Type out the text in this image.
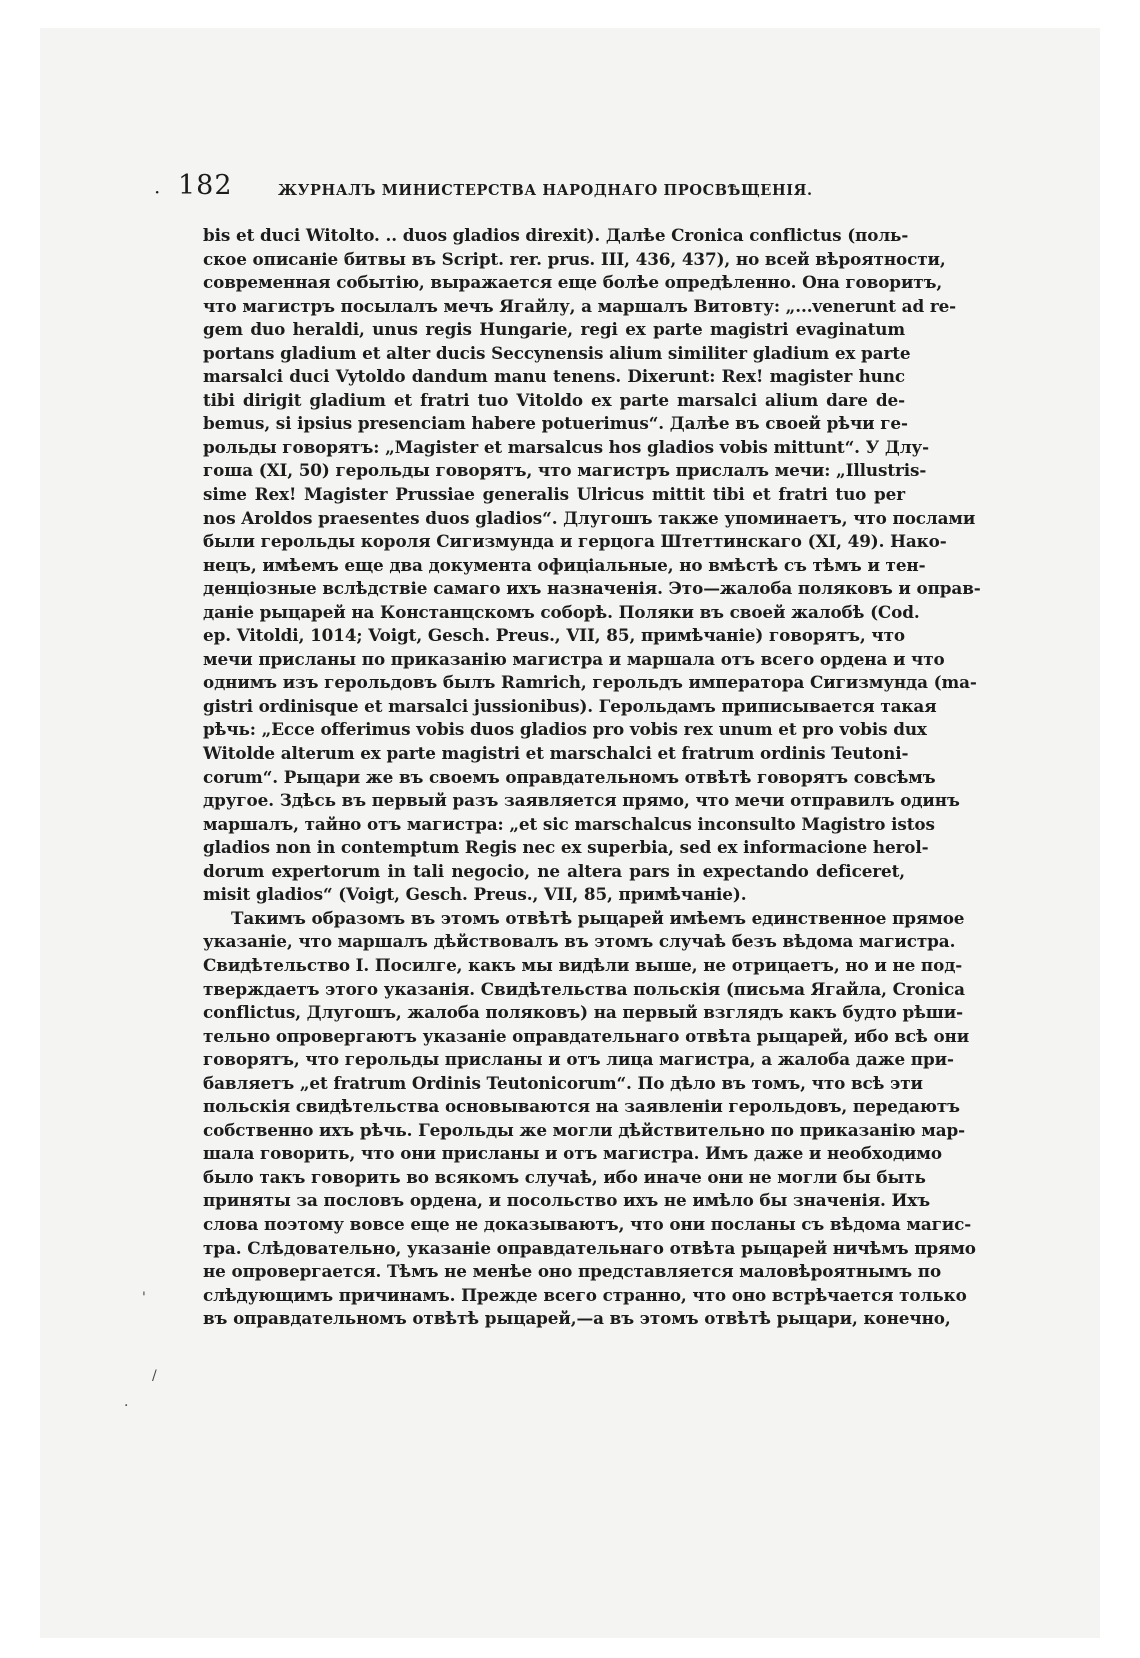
· 182	ЖУРНАЛЪ МИНИСТЕРСТВА НАРОДНАГО ПРОСВѢЩЕНІЯ.
bis et duci Witolto. .. duos gladios direxit). Далѣе Cronica conflictus (поль-
ское описаніе битвы въ Script. rer. prus. III, 436, 437), но всей вѣроятности,
современная событію, выражается еще болѣе опредѣленно. Она говоритъ,
что магистръ посылалъ мечъ Ягайлу, а маршалъ Витовту: „...venerunt ad re-
gem duo heraldi, unus regis Hungarie, regi ex parte magistri evaginatum
portans gladium et alter ducis Seccynensis alium similiter gladium ex parte
marsalci duci Vytoldo dandum manu tenens. Dixerunt: Rex! magister hunc
tibi dirigit gladium et fratri tuo Vitoldo ex parte marsalci alium dare de-
bemus, si ipsius presenciam habere potuerimus“. Далѣе въ своей рѣчи ге-
рольды говорятъ: „Magister et marsalcus hos gladios vobis mittunt“. У Длу-
гоша (XI, 50) герольды говорятъ, что магистръ прислалъ мечи: „Illustris-
sime Rex! Magister Prussiae generalis Ulricus mittit tibi et fratri tuo per
nos Aroldos praesentes duos gladios“. Длугошъ также упоминаетъ, что послами
были герольды короля Сигизмунда и герцога Штеттинскаго (XI, 49). Нако-
нецъ, имѣемъ еще два документа офиціальные, но вмѣстѣ съ тѣмъ и тен-
денціозные вслѣдствіе самаго ихъ назначенія. Это—жалоба поляковъ и оправ-
даніе рыцарей на Констанцскомъ соборѣ. Поляки въ своей жалобѣ (Cod.
ep. Vitoldi, 1014; Voigt, Gesch. Preus., VII, 85, примѣчаніе) говорятъ, что
мечи присланы по приказанію магистра и маршала отъ всего ордена и что
однимъ изъ герольдовъ былъ Ramrich, герольдъ императора Сигизмунда (ma-
gistri ordinisque et marsalci jussionibus). Герольдамъ приписывается такая
рѣчь: „Ecce offerimus vobis duos gladios pro vobis rex unum et pro vobis dux
Witolde alterum ex parte magistri et marschalci et fratrum ordinis Teutoni-
corum“. Рыцари же въ своемъ оправдательномъ отвѣтѣ говорятъ совсѣмъ
другое. Здѣсь въ первый разъ заявляется прямо, что мечи отправилъ одинъ
маршалъ, тайно отъ магистра: „et sic marschalcus inconsulto Magistro istos
gladios non in contemptum Regis nec ex superbia, sed ex informacione herol-
dorum expertorum in tali negocio, ne altera pars in expectando deficeret,
misit gladios“ (Voigt, Gesch. Preus., VII, 85, примѣчаніе).
Такимъ образомъ въ этомъ отвѣтѣ рыцарей имѣемъ единственное прямое
указаніе, что маршалъ дѣйствовалъ въ этомъ случаѣ безъ вѣдома магистра.
Свидѣтельство I. Посилге, какъ мы видѣли выше, не отрицаетъ, но и не под-
тверждаетъ этого указанія. Свидѣтельства польскія (письма Ягайла, Cronica
conflictus, Длугошъ, жалоба поляковъ) на первый взглядъ какъ будто рѣши-
тельно опровергаютъ указаніе оправдательнаго отвѣта рыцарей, ибо всѣ они
говорятъ, что герольды присланы и отъ лица магистра, а жалоба даже при-
бавляетъ „et fratrum Ordinis Teutonicorum“. По дѣло въ томъ, что всѣ эти
польскія свидѣтельства основываются на заявленіи герольдовъ, передаютъ
собственно ихъ рѣчь. Герольды же могли дѣйствительно по приказанію мар-
шала говорить, что они присланы и отъ магистра. Имъ даже и необходимо
было такъ говорить во всякомъ случаѣ, ибо иначе они не могли бы быть
приняты за пословъ ордена, и посольство ихъ не имѣло бы значенія. Ихъ
слова поэтому вовсе еще не доказываютъ, что они посланы съ вѣдома магис-
тра. Слѣдовательно, указаніе оправдательнаго отвѣта рыцарей ничѣмъ прямо
не опровергается. Тѣмъ не менѣе оно представляется маловѣроятнымъ по
слѣдующимъ причинамъ. Прежде всего странно, что оно встрѣчается только
въ оправдательномъ отвѣтѣ рыцарей,—а въ этомъ отвѣтѣ рыцари, конечно,
'
/
·
